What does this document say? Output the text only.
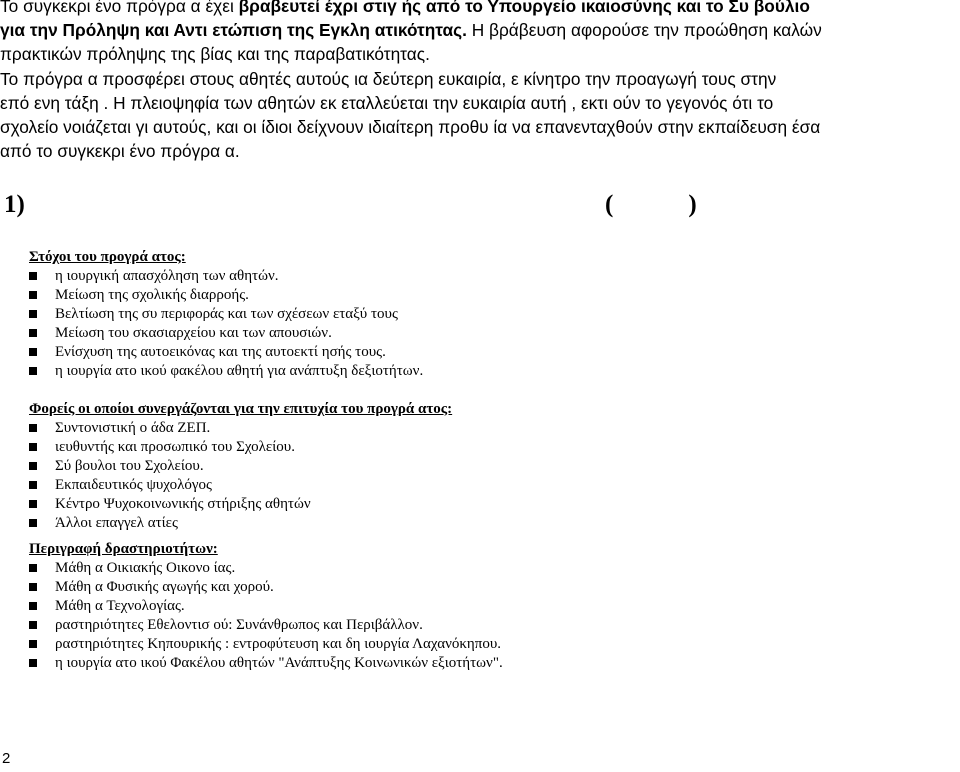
Το συγκεκρι ένο πρόγρα α έχει βραβευτεί έχρι στιγ ής από το Υπουργείο ικαιοσύνης και το Συ βούλιο
για την Πρόληψη και Αντι ετώπιση της Εγκλη ατικότητας. Η βράβευση αφορούσε την προώθηση καλών
πρακτικών πρόληψης της βίας και της παραβατικότητας.
Το πρόγρα α προσφέρει στους αθητές αυτούς ια δεύτερη ευκαιρία, ε κίνητρο την προαγωγή τους στην
επό ενη τάξη . Η πλειοψηφία των αθητών εκ εταλλεύεται την ευκαιρία αυτή , εκτι ούν το γεγονός ότι το
σχολείο νοιάζεται γι αυτούς, και οι ίδιοι δείχνουν ιδιαίτερη προθυ ία να επανενταχθούν στην εκπαίδευση έσα
από το συγκεκρι ένο πρόγρα α.

1)	(            )
Στόχοι του προγρά ατος:
η ιουργική απασχόληση των αθητών.
Μείωση της σχολικής διαρροής.
Βελτίωση της συ περιφοράς και των σχέσεων εταξύ τους
Μείωση του σκασιαρχείου και των απουσιών.
Ενίσχυση της αυτοεικόνας και της αυτοεκτί ησής τους.
η ιουργία ατο ικού φακέλου αθητή για ανάπτυξη δεξιοτήτων.
Φορείς οι οποίοι συνεργάζονται για την επιτυχία του προγρά ατος:
Συντονιστική ο άδα ΖΕΠ.
ιευθυντής και προσωπικό του Σχολείου.
Σύ βουλοι του Σχολείου.
Εκπαιδευτικός ψυχολόγος
Κέντρο Ψυχοκοινωνικής στήριξης αθητών
Άλλοι επαγγελ ατίες
Περιγραφή δραστηριοτήτων:
Μάθη α Οικιακής Οικονο ίας.
Μάθη α Φυσικής αγωγής και χορού.
Μάθη α Τεχνολογίας.
ραστηριότητες Εθελοντισ ού: Συνάνθρωπος και Περιβάλλον.
ραστηριότητες Κηπουρικής : εντροφύτευση και δη ιουργία Λαχανόκηπου.
η ιουργία ατο ικού Φακέλου αθητών "Ανάπτυξης Κοινωνικών εξιοτήτων".
2
